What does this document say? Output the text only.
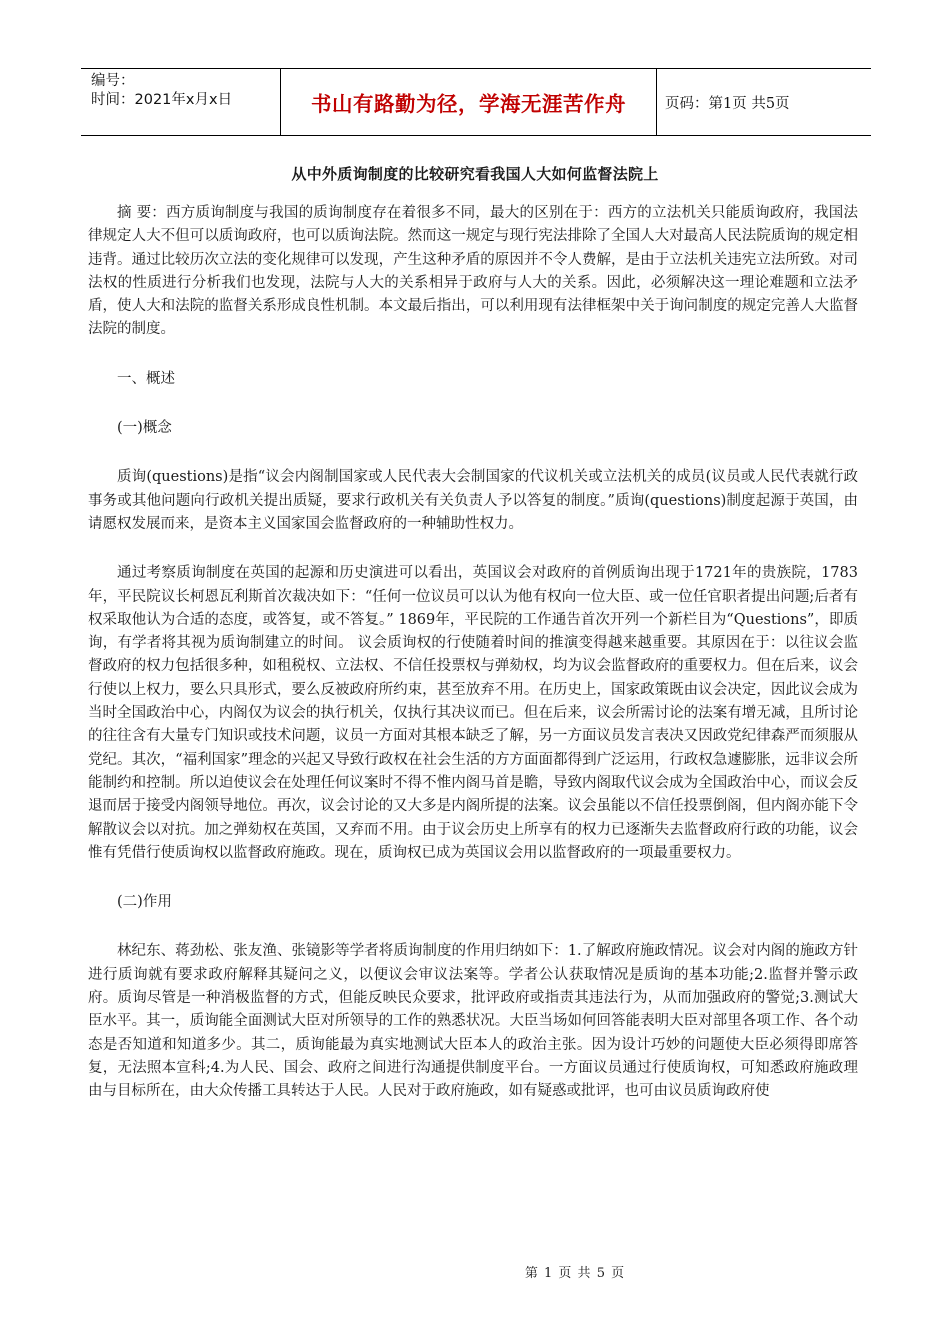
编号：
时间：2021年x月x日	书山有路勤为径，学海无涯苦作舟	页码：第1页 共5页
从中外质询制度的比较研究看我国人大如何监督法院上

摘 要：西方质询制度与我国的质询制度存在着很多不同，最大的区别在于：西方的立法机关只能质询政府，我国法律规定人大不但可以质询政府，也可以质询法院。然而这一规定与现行宪法排除了全国人大对最高人民法院质询的规定相违背。通过比较历次立法的变化规律可以发现，产生这种矛盾的原因并不令人费解，是由于立法机关违宪立法所致。对司法权的性质进行分析我们也发现，法院与人大的关系相异于政府与人大的关系。因此，必须解决这一理论难题和立法矛盾，使人大和法院的监督关系形成良性机制。本文最后指出，可以利用现有法律框架中关于询问制度的规定完善人大监督法院的制度。

一、概述

(一)概念

质询(questions)是指“议会内阁制国家或人民代表大会制国家的代议机关或立法机关的成员(议员或人民代表就行政事务或其他问题向行政机关提出质疑，要求行政机关有关负责人予以答复的制度。”质询(questions)制度起源于英国，由请愿权发展而来，是资本主义国家国会监督政府的一种辅助性权力。

通过考察质询制度在英国的起源和历史演进可以看出，英国议会对政府的首例质询出现于1721年的贵族院，1783年，平民院议长柯恩瓦利斯首次裁决如下：“任何一位议员可以认为他有权向一位大臣、或一位任官职者提出问题;后者有权采取他认为合适的态度，或答复，或不答复。” 1869年，平民院的工作通告首次开列一个新栏目为“Questions”，即质询，有学者将其视为质询制建立的时间。 议会质询权的行使随着时间的推演变得越来越重要。其原因在于：以往议会监督政府的权力包括很多种，如租税权、立法权、不信任投票权与弹劾权，均为议会监督政府的重要权力。但在后来，议会行使以上权力，要么只具形式，要么反被政府所约束，甚至放弃不用。在历史上，国家政策既由议会决定，因此议会成为当时全国政治中心，内阁仅为议会的执行机关，仅执行其决议而已。但在后来，议会所需讨论的法案有增无减，且所讨论的往往含有大量专门知识或技术问题，议员一方面对其根本缺乏了解，另一方面议员发言表决又因政党纪律森严而须服从党纪。其次，“福利国家”理念的兴起又导致行政权在社会生活的方方面面都得到广泛运用，行政权急遽膨胀，远非议会所能制约和控制。所以迫使议会在处理任何议案时不得不惟内阁马首是瞻，导致内阁取代议会成为全国政治中心，而议会反退而居于接受内阁领导地位。再次，议会讨论的又大多是内阁所提的法案。议会虽能以不信任投票倒阁，但内阁亦能下令解散议会以对抗。加之弹劾权在英国，又弃而不用。由于议会历史上所享有的权力已逐渐失去监督政府行政的功能，议会惟有凭借行使质询权以监督政府施政。现在，质询权已成为英国议会用以监督政府的一项最重要权力。

(二)作用

林纪东、蒋劲松、张友渔、张镜影等学者将质询制度的作用归纳如下：1.了解政府施政情况。议会对内阁的施政方针进行质询就有要求政府解释其疑问之义，以便议会审议法案等。学者公认获取情况是质询的基本功能;2.监督并警示政府。质询尽管是一种消极监督的方式，但能反映民众要求，批评政府或指责其违法行为，从而加强政府的警觉;3.测试大臣水平。其一，质询能全面测试大臣对所领导的工作的熟悉状况。大臣当场如何回答能表明大臣对部里各项工作、各个动态是否知道和知道多少。其二，质询能最为真实地测试大臣本人的政治主张。因为设计巧妙的问题使大臣必须得即席答复，无法照本宣科;4.为人民、国会、政府之间进行沟通提供制度平台。一方面议员通过行使质询权，可知悉政府施政理由与目标所在，由大众传播工具转达于人民。人民对于政府施政，如有疑惑或批评，也可由议员质询政府使

第 1 页 共 5 页
